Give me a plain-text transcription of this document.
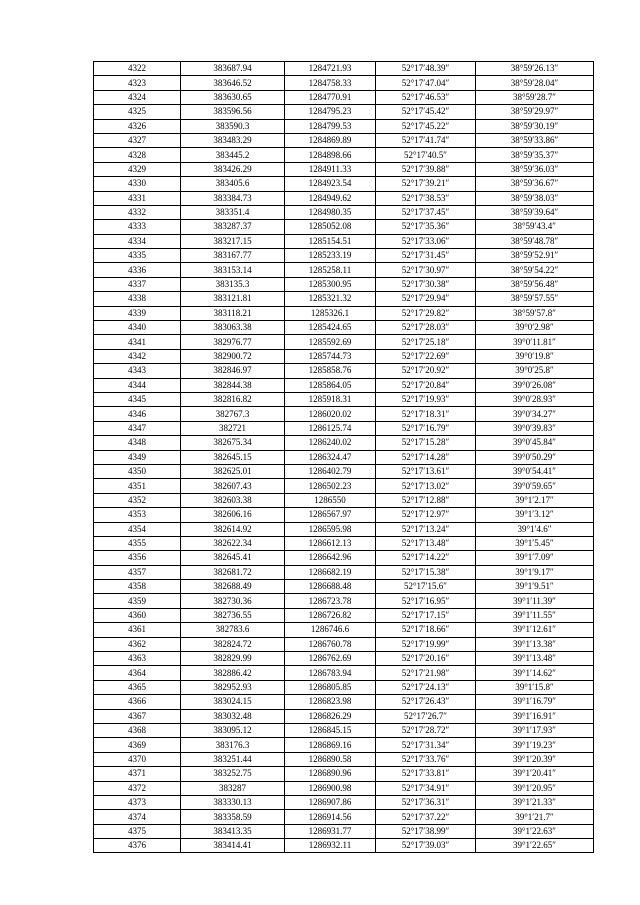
4322	383687.94	1284721.93	52°17′48.39″	38°59′26.13″
4323	383646.52	1284758.33	52°17′47.04″	38°59′28.04″
4324	383630.65	1284770.91	52°17′46.53″	38°59′28.7″
4325	383596.56	1284795.23	52°17′45.42″	38°59′29.97″
4326	383590.3	1284799.53	52°17′45.22″	38°59′30.19″
4327	383483.29	1284869.89	52°17′41.74″	38°59′33.86″
4328	383445.2	1284898.66	52°17′40.5″	38°59′35.37″
4329	383426.29	1284911.33	52°17′39.88″	38°59′36.03″
4330	383405.6	1284923.54	52°17′39.21″	38°59′36.67″
4331	383384.73	1284949.62	52°17′38.53″	38°59′38.03″
4332	383351.4	1284980.35	52°17′37.45″	38°59′39.64″
4333	383287.37	1285052.08	52°17′35.36″	38°59′43.4″
4334	383217.15	1285154.51	52°17′33.06″	38°59′48.78″
4335	383167.77	1285233.19	52°17′31.45″	38°59′52.91″
4336	383153.14	1285258.11	52°17′30.97″	38°59′54.22″
4337	383135.3	1285300.95	52°17′30.38″	38°59′56.48″
4338	383121.81	1285321.32	52°17′29.94″	38°59′57.55″
4339	383118.21	1285326.1	52°17′29.82″	38°59′57.8″
4340	383063.38	1285424.65	52°17′28.03″	39°0′2.98″
4341	382976.77	1285592.69	52°17′25.18″	39°0′11.81″
4342	382900.72	1285744.73	52°17′22.69″	39°0′19.8″
4343	382846.97	1285858.76	52°17′20.92″	39°0′25.8″
4344	382844.38	1285864.05	52°17′20.84″	39°0′26.08″
4345	382816.82	1285918.31	52°17′19.93″	39°0′28.93″
4346	382767.3	1286020.02	52°17′18.31″	39°0′34.27″
4347	382721	1286125.74	52°17′16.79″	39°0′39.83″
4348	382675.34	1286240.02	52°17′15.28″	39°0′45.84″
4349	382645.15	1286324.47	52°17′14.28″	39°0′50.29″
4350	382625.01	1286402.79	52°17′13.61″	39°0′54.41″
4351	382607.43	1286502.23	52°17′13.02″	39°0′59.65″
4352	382603.38	1286550	52°17′12.88″	39°1′2.17″
4353	382606.16	1286567.97	52°17′12.97″	39°1′3.12″
4354	382614.92	1286595.98	52°17′13.24″	39°1′4.6″
4355	382622.34	1286612.13	52°17′13.48″	39°1′5.45″
4356	382645.41	1286642.96	52°17′14.22″	39°1′7.09″
4357	382681.72	1286682.19	52°17′15.38″	39°1′9.17″
4358	382688.49	1286688.48	52°17′15.6″	39°1′9.51″
4359	382730.36	1286723.78	52°17′16.95″	39°1′11.39″
4360	382736.55	1286726.82	52°17′17.15″	39°1′11.55″
4361	382783.6	1286746.6	52°17′18.66″	39°1′12.61″
4362	382824.72	1286760.78	52°17′19.99″	39°1′13.38″
4363	382829.99	1286762.69	52°17′20.16″	39°1′13.48″
4364	382886.42	1286783.94	52°17′21.98″	39°1′14.62″
4365	382952.93	1286805.85	52°17′24.13″	39°1′15.8″
4366	383024.15	1286823.98	52°17′26.43″	39°1′16.79″
4367	383032.48	1286826.29	52°17′26.7″	39°1′16.91″
4368	383095.12	1286845.15	52°17′28.72″	39°1′17.93″
4369	383176.3	1286869.16	52°17′31.34″	39°1′19.23″
4370	383251.44	1286890.58	52°17′33.76″	39°1′20.39″
4371	383252.75	1286890.96	52°17′33.81″	39°1′20.41″
4372	383287	1286900.98	52°17′34.91″	39°1′20.95″
4373	383330.13	1286907.86	52°17′36.31″	39°1′21.33″
4374	383358.59	1286914.56	52°17′37.22″	39°1′21.7″
4375	383413.35	1286931.77	52°17′38.99″	39°1′22.63″
4376	383414.41	1286932.11	52°17′39.03″	39°1′22.65″
